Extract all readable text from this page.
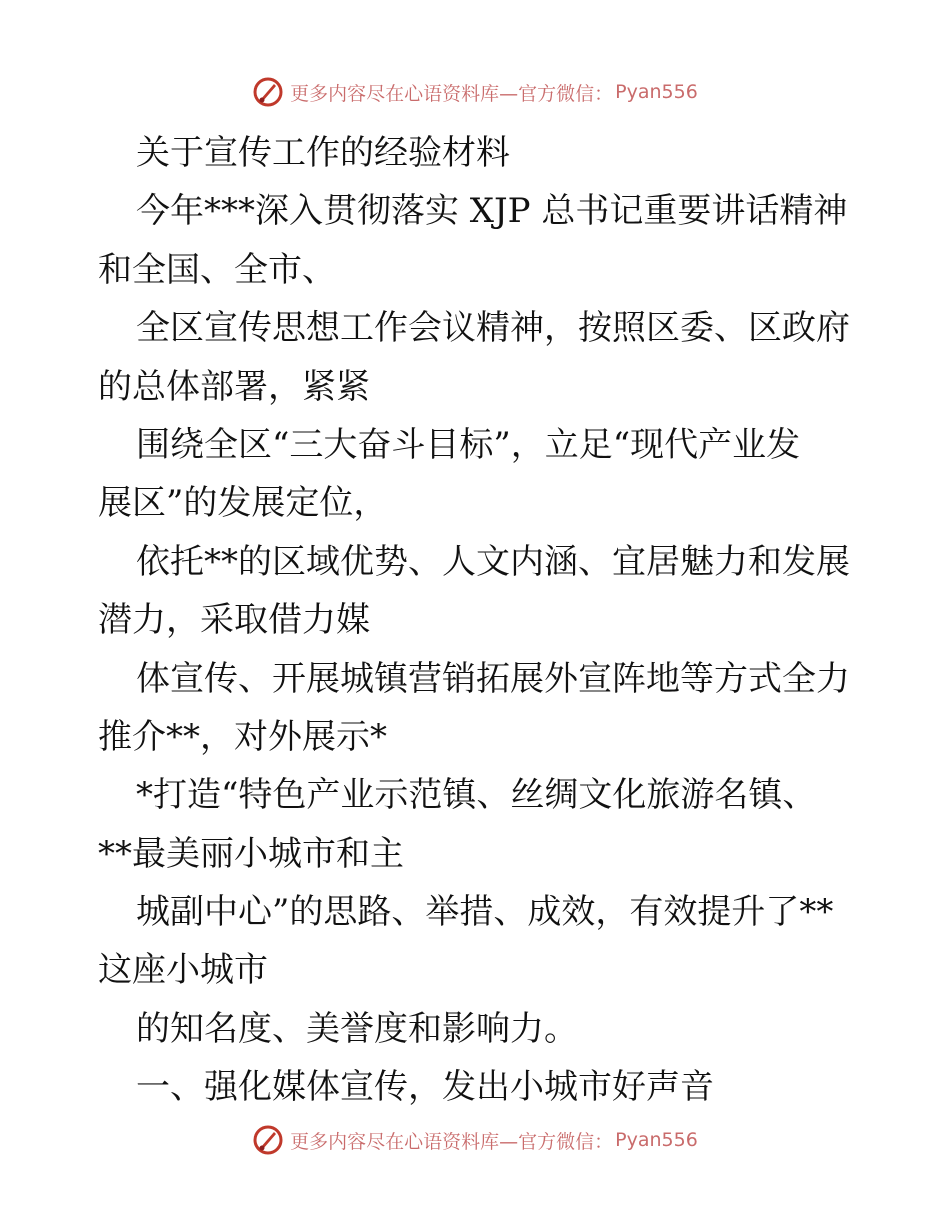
更多内容尽在心语资料库—官方微信： Pyan556
关于宣传工作的经验材料
今年***深入贯彻落实 XJP 总书记重要讲话精神
和全国、全市、
全区宣传思想工作会议精神，按照区委、区政府
的总体部署，紧紧
围绕全区“三大奋斗目标”，立足“现代产业发
展区”的发展定位，
依托**的区域优势、人文内涵、宜居魅力和发展
潜力，采取借力媒
体宣传、开展城镇营销拓展外宣阵地等方式全力
推介**，对外展示*
*打造“特色产业示范镇、丝绸文化旅游名镇、
**最美丽小城市和主
城副中心”的思路、举措、成效，有效提升了**
这座小城市
的知名度、美誉度和影响力。
一、强化媒体宣传，发出小城市好声音
更多内容尽在心语资料库—官方微信： Pyan556
